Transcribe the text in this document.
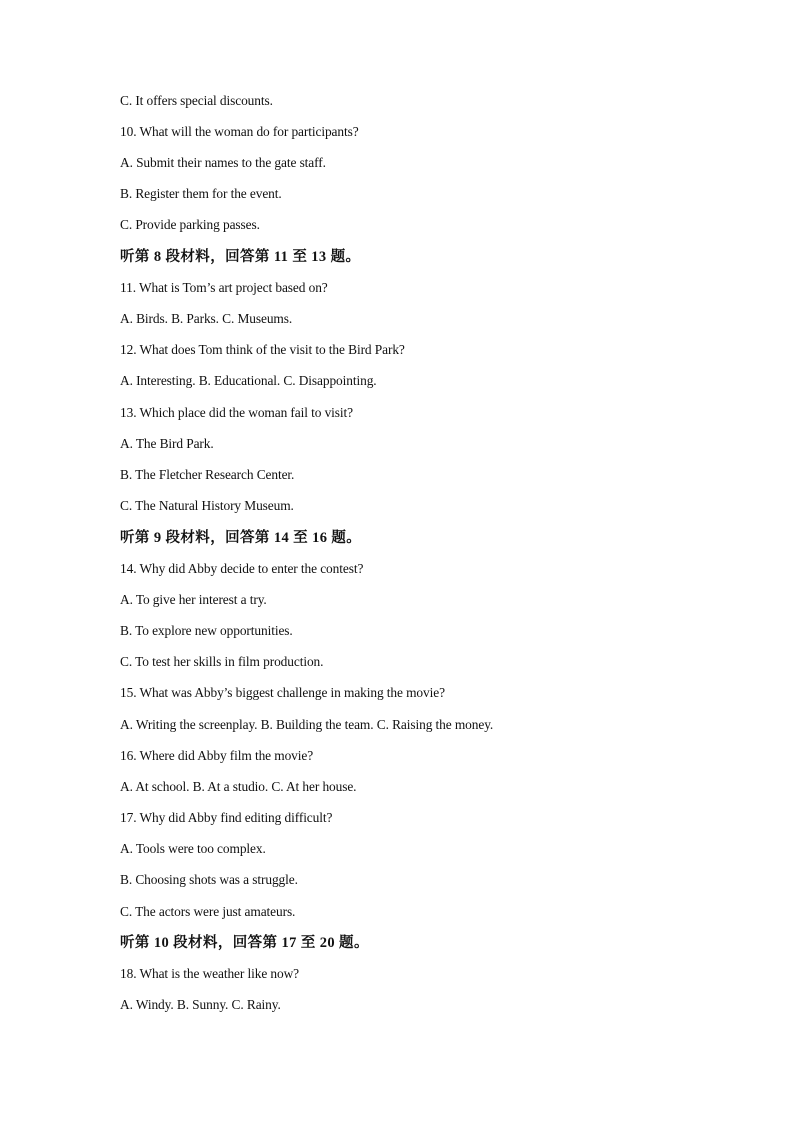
C. It offers special discounts.
10. What will the woman do for participants?
A. Submit their names to the gate staff.
B. Register them for the event.
C. Provide parking passes.
听第 8 段材料，回答第 11 至 13 题。
11. What is Tom’s art project based on?
A. Birds. B. Parks. C. Museums.
12. What does Tom think of the visit to the Bird Park?
A. Interesting. B. Educational. C. Disappointing.
13. Which place did the woman fail to visit?
A. The Bird Park.
B. The Fletcher Research Center.
C. The Natural History Museum.
听第 9 段材料，回答第 14 至 16 题。
14. Why did Abby decide to enter the contest?
A. To give her interest a try.
B. To explore new opportunities.
C. To test her skills in film production.
15. What was Abby’s biggest challenge in making the movie?
A. Writing the screenplay. B. Building the team. C. Raising the money.
16. Where did Abby film the movie?
A. At school. B. At a studio. C. At her house.
17. Why did Abby find editing difficult?
A. Tools were too complex.
B. Choosing shots was a struggle.
C. The actors were just amateurs.
听第 10 段材料，回答第 17 至 20 题。
18. What is the weather like now?
A. Windy. B. Sunny. C. Rainy.
